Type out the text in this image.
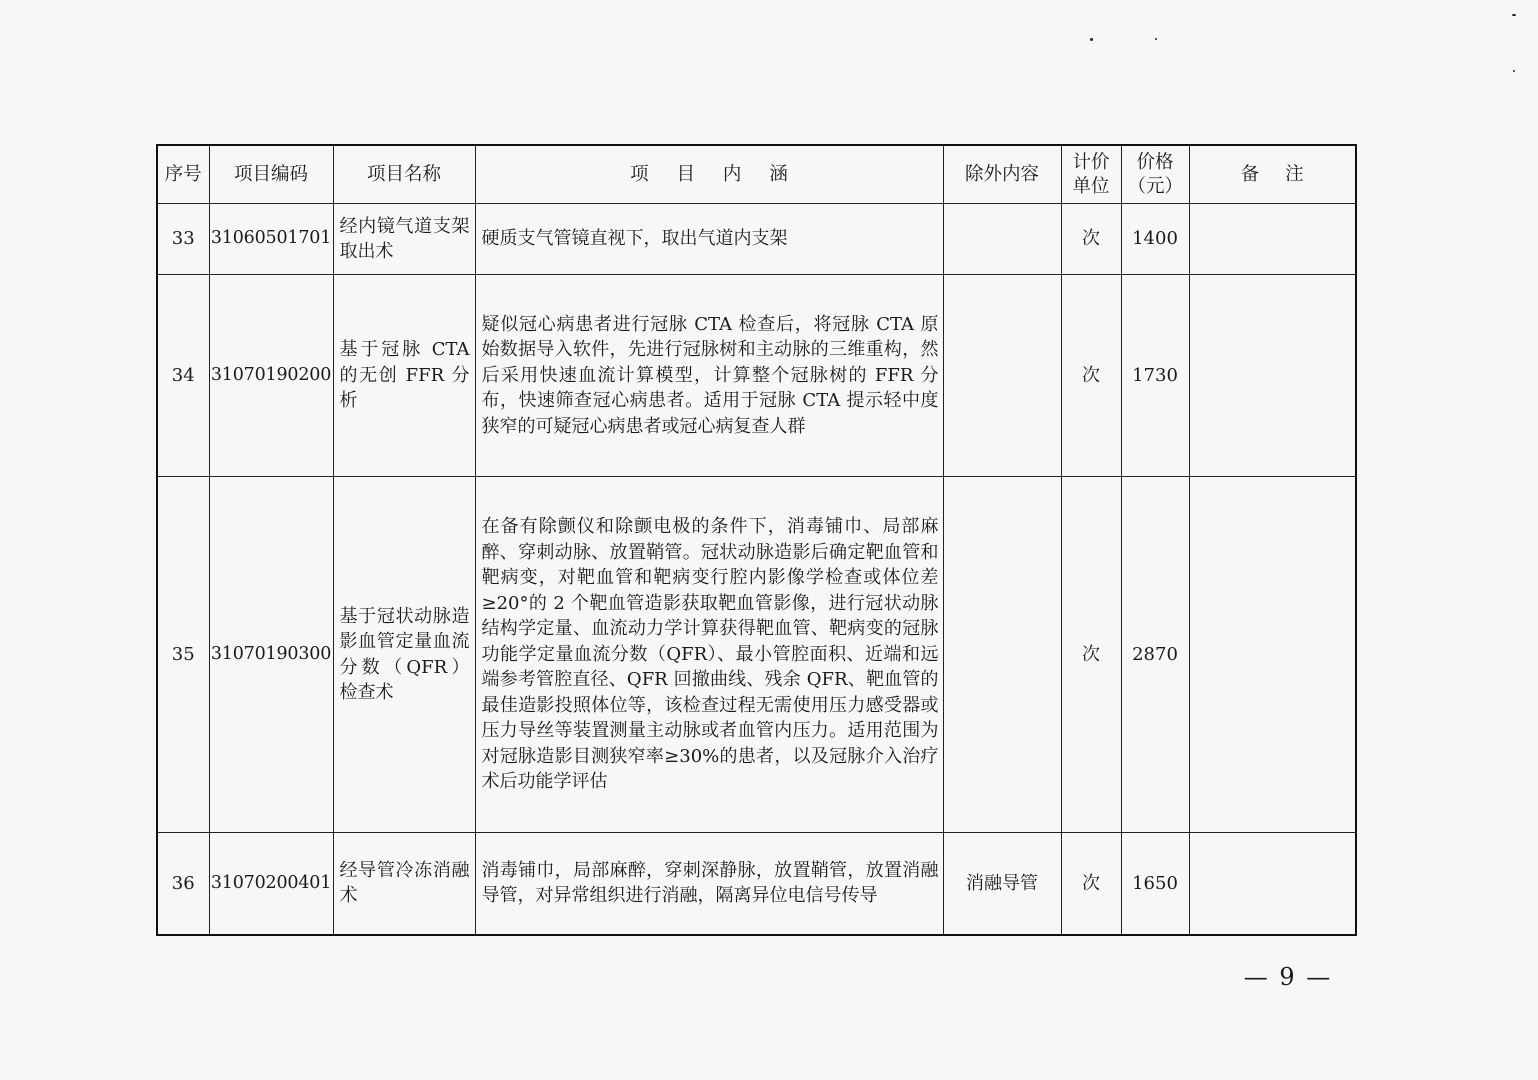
序号	项目编码	项目名称	项 目 内 涵	除外内容	计价单位	价格（元）	备 注
33	31060501701	经内镜气道支架取出术	硬质支气管镜直视下，取出气道内支架		次	1400	
34	31070190200	基于冠脉 CTA 的无创 FFR 分析	疑似冠心病患者进行冠脉 CTA 检查后，将冠脉 CTA 原始数据导入软件，先进行冠脉树和主动脉的三维重构，然后采用快速血流计算模型，计算整个冠脉树的 FFR 分布，快速筛查冠心病患者。适用于冠脉 CTA 提示轻中度狭窄的可疑冠心病患者或冠心病复查人群		次	1730	
35	31070190300	基于冠状动脉造影血管定量血流分数（QFR）检查术	在备有除颤仪和除颤电极的条件下，消毒铺巾、局部麻醉、穿刺动脉、放置鞘管。冠状动脉造影后确定靶血管和靶病变，对靶血管和靶病变行腔内影像学检查或体位差≥20°的 2 个靶血管造影获取靶血管影像，进行冠状动脉结构学定量、血流动力学计算获得靶血管、靶病变的冠脉功能学定量血流分数（QFR）、最小管腔面积、近端和远端参考管腔直径、QFR 回撤曲线、残余 QFR、靶血管的最佳造影投照体位等，该检查过程无需使用压力感受器或压力导丝等装置测量主动脉或者血管内压力。适用范围为对冠脉造影目测狭窄率≥30%的患者，以及冠脉介入治疗术后功能学评估		次	2870	
36	31070200401	经导管冷冻消融术	消毒铺巾，局部麻醉，穿刺深静脉，放置鞘管，放置消融导管，对异常组织进行消融，隔离异位电信号传导	消融导管	次	1650	
— 9 —
